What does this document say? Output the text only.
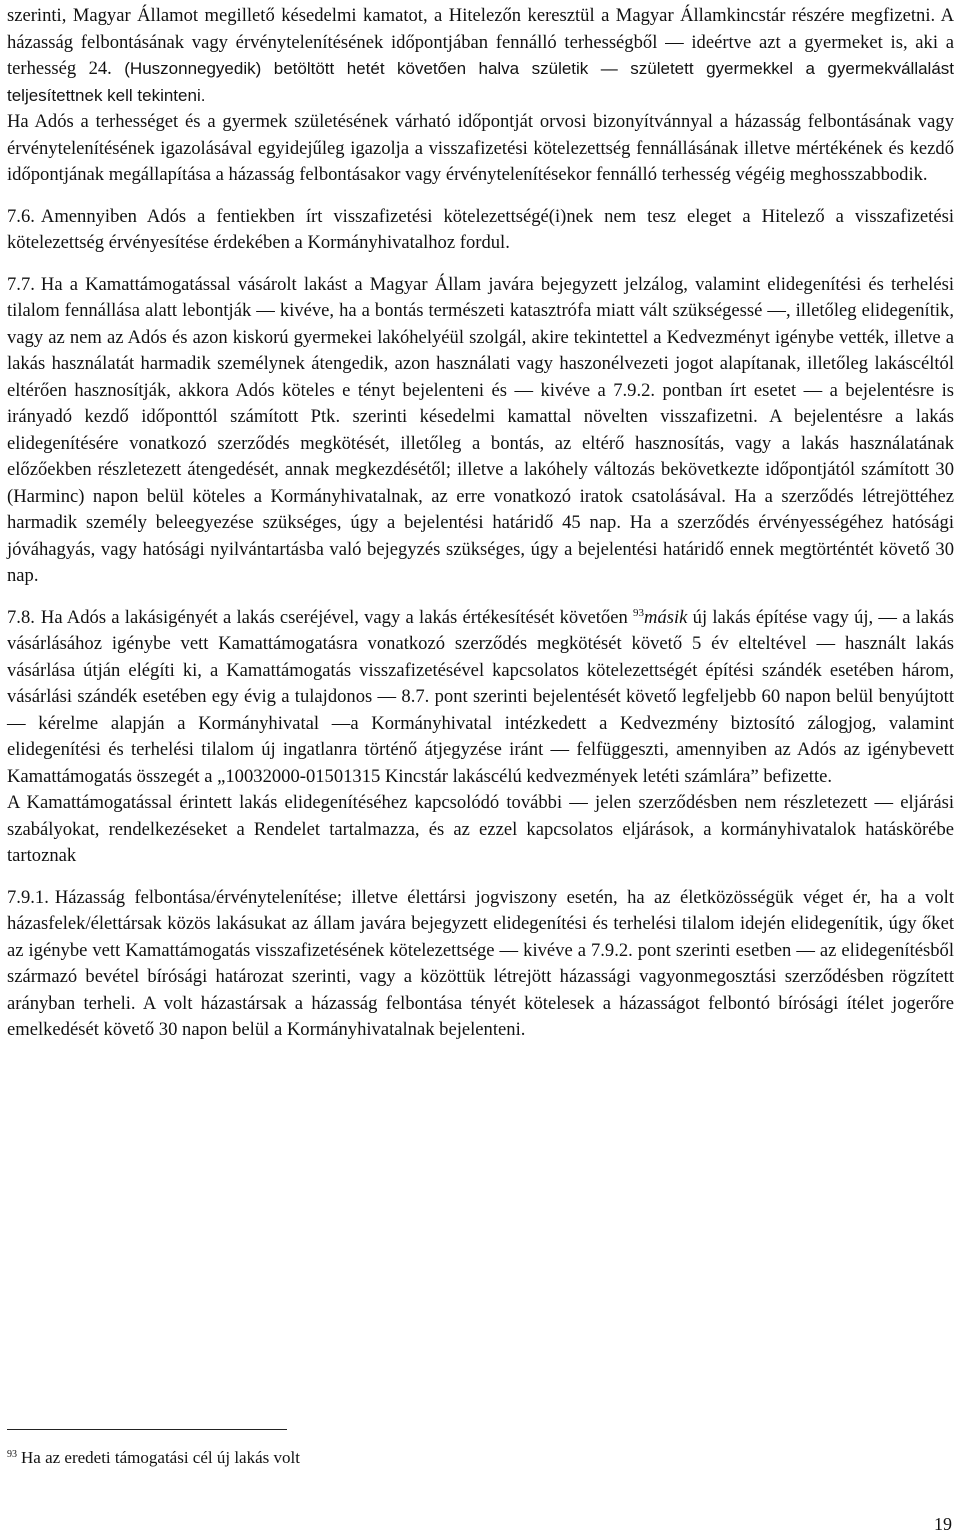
szerinti, Magyar Államot megillető késedelmi kamatot, a Hitelezőn keresztül a Magyar Államkincstár részére megfizetni. A házasság felbontásának vagy érvénytelenítésének időpontjában fennálló terhességből ― ideértve azt a gyermeket is, aki a terhesség 24. (Huszonnegyedik) betöltött hetét követően halva születik ― született gyermekkel a gyermekvállalást teljesítettnek kell tekinteni.

Ha Adós a terhességet és a gyermek születésének várható időpontját orvosi bizonyítvánnyal a házasság felbontásának vagy érvénytelenítésének igazolásával egyidejűleg igazolja a visszafizetési kötelezettség fennállásának illetve mértékének és kezdő időpontjának megállapítása a házasság felbontásakor vagy érvénytelenítésekor fennálló terhesség végéig meghosszabbodik.

7.6. Amennyiben Adós a fentiekben írt visszafizetési kötelezettségé(i)nek nem tesz eleget a Hitelező a visszafizetési kötelezettség érvényesítése érdekében a Kormányhivatalhoz fordul.

7.7. Ha a Kamattámogatással vásárolt lakást a Magyar Állam javára bejegyzett jelzálog, valamint elidegenítési és terhelési tilalom fennállása alatt lebontják ― kivéve, ha a bontás természeti katasztrófa miatt vált szükségessé ―, illetőleg elidegenítik, vagy az nem az Adós és azon kiskorú gyermekei lakóhelyéül szolgál, akire tekintettel a Kedvezményt igénybe vették, illetve a lakás használatát harmadik személynek átengedik, azon használati vagy haszonélvezeti jogot alapítanak, illetőleg lakáscéltól eltérően hasznosítják, akkora Adós köteles e tényt bejelenteni és ― kivéve a 7.9.2. pontban írt esetet ― a bejelentésre is irányadó kezdő időponttól számított Ptk. szerinti késedelmi kamattal növelten visszafizetni. A bejelentésre a lakás elidegenítésére vonatkozó szerződés megkötését, illetőleg a bontás, az eltérő hasznosítás, vagy a lakás használatának előzőekben részletezett átengedését, annak megkezdésétől; illetve a lakóhely változás bekövetkezte időpontjától számított 30 (Harminc) napon belül köteles a Kormányhivatalnak, az erre vonatkozó iratok csatolásával. Ha a szerződés létrejöttéhez harmadik személy beleegyezése szükséges, úgy a bejelentési határidő 45 nap. Ha a szerződés érvényességéhez hatósági jóváhagyás, vagy hatósági nyilvántartásba való bejegyzés szükséges, úgy a bejelentési határidő ennek megtörténtét követő 30 nap.

7.8. Ha Adós a lakásigényét a lakás cseréjével, vagy a lakás értékesítését követően $^{93}$másik új lakás építése vagy új, ― a lakás vásárlásához igénybe vett Kamattámogatásra vonatkozó szerződés megkötését követő 5 év elteltével ― használt lakás vásárlása útján elégíti ki, a Kamattámogatás visszafizetésével kapcsolatos kötelezettségét építési szándék esetében három, vásárlási szándék esetében egy évig a tulajdonos ― 8.7. pont szerinti bejelentését követő legfeljebb 60 napon belül benyújtott ― kérelme alapján a Kormányhivatal ―a Kormányhivatal intézkedett a Kedvezmény biztosító zálogjog, valamint elidegenítési és terhelési tilalom új ingatlanra történő átjegyzése iránt ― felfüggeszti, amennyiben az Adós az igénybevett Kamattámogatás összegét a „10032000-01501315 Kincstár lakáscélú kedvezmények letéti számlára” befizette.

A Kamattámogatással érintett lakás elidegenítéséhez kapcsolódó további ― jelen szerződésben nem részletezett ― eljárási szabályokat, rendelkezéseket a Rendelet tartalmazza, és az ezzel kapcsolatos eljárások, a kormányhivatalok hatáskörébe tartoznak

7.9.1. Házasság felbontása/érvénytelenítése; illetve élettársi jogviszony esetén, ha az életközösségük véget ér, ha a volt házasfelek/élettársak közös lakásukat az állam javára bejegyzett elidegenítési és terhelési tilalom idején elidegenítik, úgy őket az igénybe vett Kamattámogatás visszafizetésének kötelezettsége ― kivéve a 7.9.2. pont szerinti esetben ― az elidegenítésből származó bevétel bírósági határozat szerinti, vagy a közöttük létrejött házassági vagyonmegosztási szerződésben rögzített arányban terheli. A volt házastársak a házasság felbontása tényét kötelesek a házasságot felbontó bírósági ítélet jogerőre emelkedését követő 30 napon belül a Kormányhivatalnak bejelenteni.

$^{93}$ Ha az eredeti támogatási cél új lakás volt
19
